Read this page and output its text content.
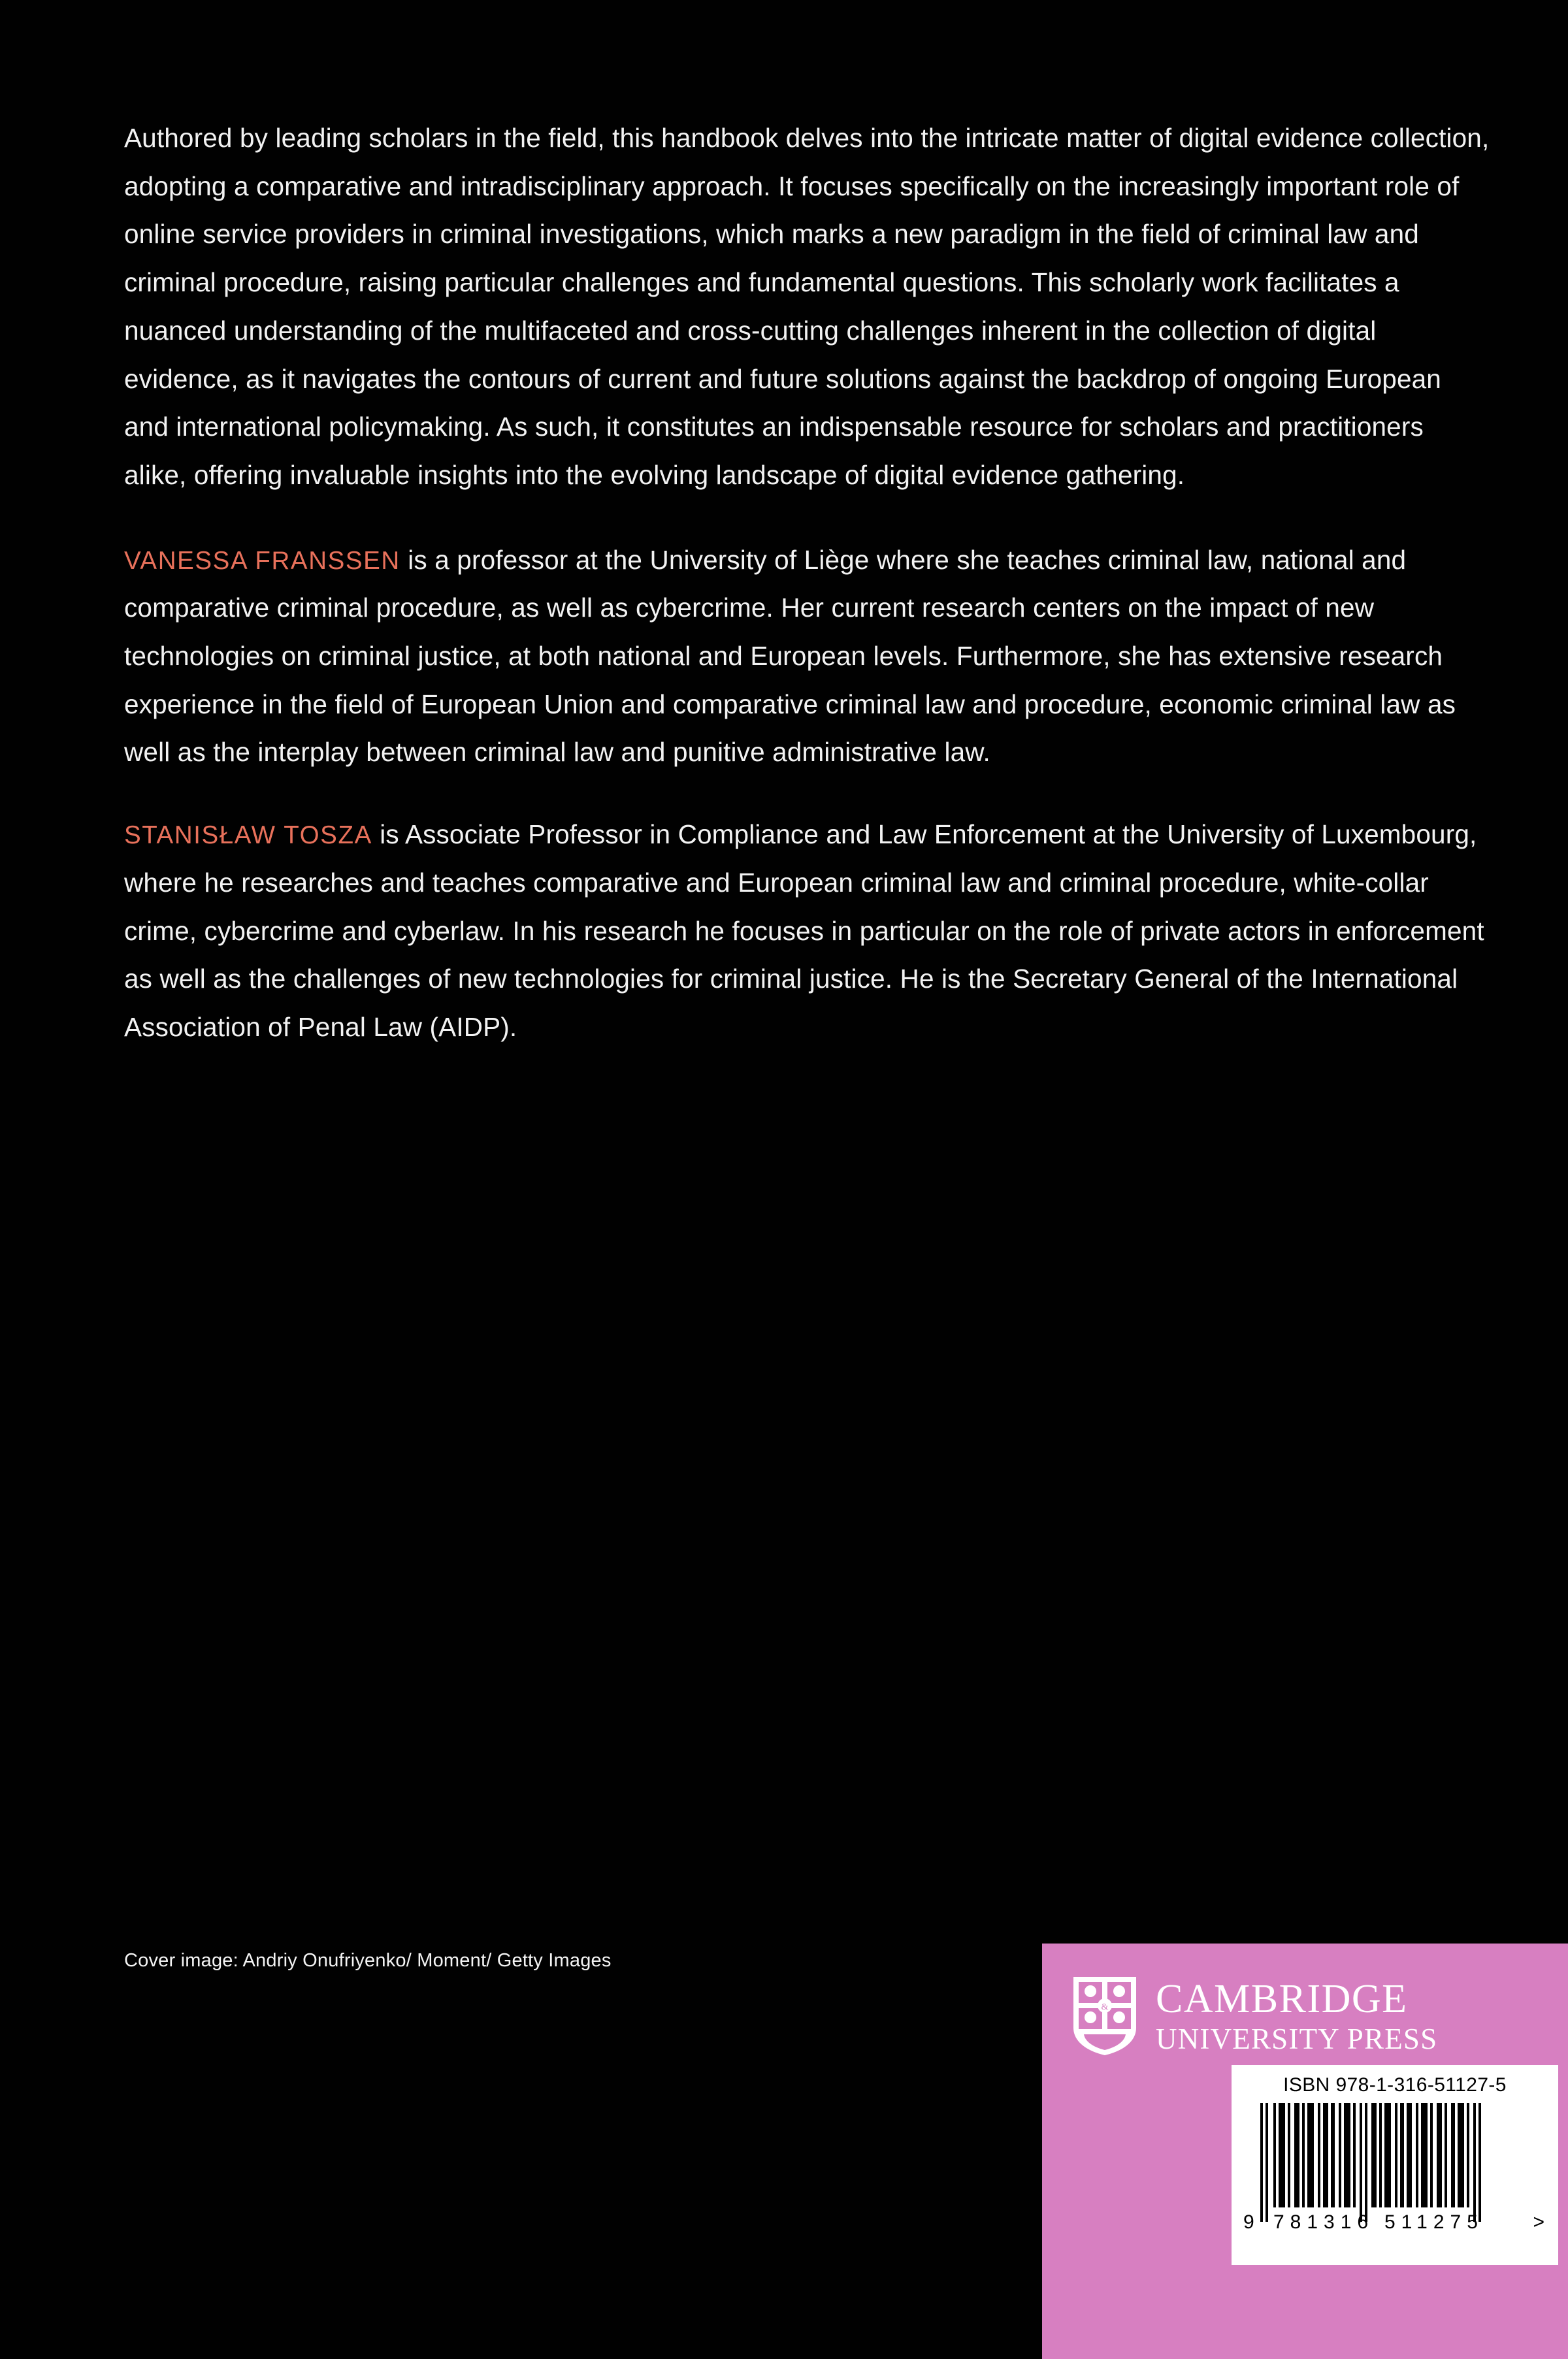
Authored by leading scholars in the field, this handbook delves into the intricate matter of digital evidence collection, adopting a comparative and intradisciplinary approach. It focuses specifically on the increasingly important role of online service providers in criminal investigations, which marks a new paradigm in the field of criminal law and criminal procedure, raising particular challenges and fundamental questions. This scholarly work facilitates a nuanced understanding of the multifaceted and cross-cutting challenges inherent in the collection of digital evidence, as it navigates the contours of current and future solutions against the backdrop of ongoing European and international policymaking. As such, it constitutes an indispensable resource for scholars and practitioners alike, offering invaluable insights into the evolving landscape of digital evidence gathering.

VANESSA FRANSSEN is a professor at the University of Liège where she teaches criminal law, national and comparative criminal procedure, as well as cybercrime. Her current research centers on the impact of new technologies on criminal justice, at both national and European levels. Furthermore, she has extensive research experience in the field of European Union and comparative criminal law and procedure, economic criminal law as well as the interplay between criminal law and punitive administrative law.

STANISŁAW TOSZA is Associate Professor in Compliance and Law Enforcement at the University of Luxembourg, where he researches and teaches comparative and European criminal law and criminal procedure, white-collar crime, cybercrime and cyberlaw. In his research he focuses in particular on the role of private actors in enforcement as well as the challenges of new technologies for criminal justice. He is the Secretary General of the International Association of Penal Law (AIDP).

Cover image: Andriy Onufriyenko/ Moment/ Getty Images
& CAMBRIDGE
UNIVERSITY PRESS
ISBN 978-1-316-51127-5
9 781316 511275	>
